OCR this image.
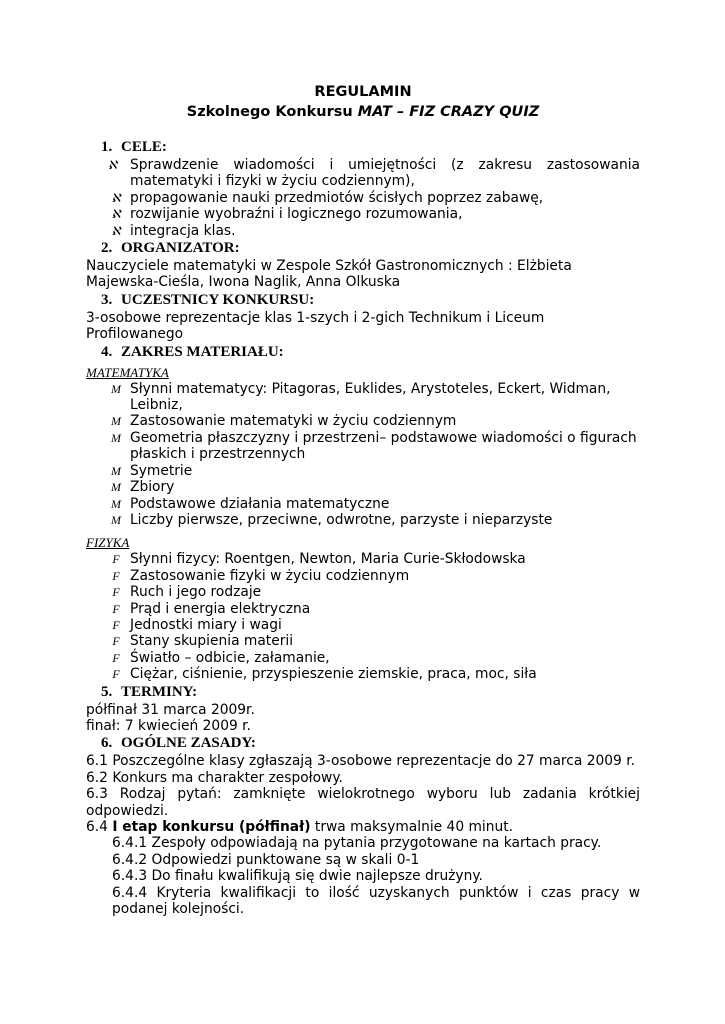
REGULAMIN
Szkolnego Konkursu MAT – FIZ CRAZY QUIZ
1. CELE:
ℵ Sprawdzenie wiadomości i umiejętności (z zakresu zastosowania
matematyki i fizyki w życiu codziennym),
ℵ propagowanie nauki przedmiotów ścisłych poprzez zabawę,
ℵ rozwijanie wyobraźni i logicznego rozumowania,
ℵ integracja klas.
2. ORGANIZATOR:
Nauczyciele matematyki w Zespole Szkół Gastronomicznych : Elżbieta Majewska-Cieśla, Iwona Naglik, Anna Olkuska
3. UCZESTNICY KONKURSU:
3-osobowe reprezentacje klas 1-szych i 2-gich Technikum i Liceum Profilowanego
4. ZAKRES MATERIAŁU:
MATEMATYKA
M Słynni matematycy: Pitagoras, Euklides, Arystoteles, Eckert, Widman, Leibniz,
M Zastosowanie matematyki w życiu codziennym
M Geometria płaszczyzny i przestrzeni– podstawowe wiadomości o figurach płaskich i przestrzennych
M Symetrie
M Zbiory
M Podstawowe działania matematyczne
M Liczby pierwsze, przeciwne, odwrotne, parzyste i nieparzyste
FIZYKA
F Słynni fizycy: Roentgen, Newton, Maria Curie-Skłodowska
F Zastosowanie fizyki w życiu codziennym
F Ruch i jego rodzaje
F Prąd i energia elektryczna
F Jednostki miary i wagi
F Stany skupienia materii
F Światło – odbicie, załamanie,
F Ciężar, ciśnienie, przyspieszenie ziemskie, praca, moc, siła
5. TERMINY:
półfinał 31 marca 2009r.
finał: 7 kwiecień 2009 r.
6. OGÓLNE ZASADY:
6.1 Poszczególne klasy zgłaszają 3-osobowe reprezentacje do 27 marca 2009 r.
6.2 Konkurs ma charakter zespołowy.
6.3 Rodzaj pytań: zamknięte wielokrotnego wyboru lub zadania krótkiej odpowiedzi.
6.4 I etap konkursu (półfinał) trwa maksymalnie 40 minut.
6.4.1 Zespoły odpowiadają na pytania przygotowane na kartach pracy.
6.4.2 Odpowiedzi punktowane są w skali 0-1
6.4.3 Do finału kwalifikują się dwie najlepsze drużyny.
6.4.4 Kryteria kwalifikacji to ilość uzyskanych punktów i czas pracy w podanej kolejności.
